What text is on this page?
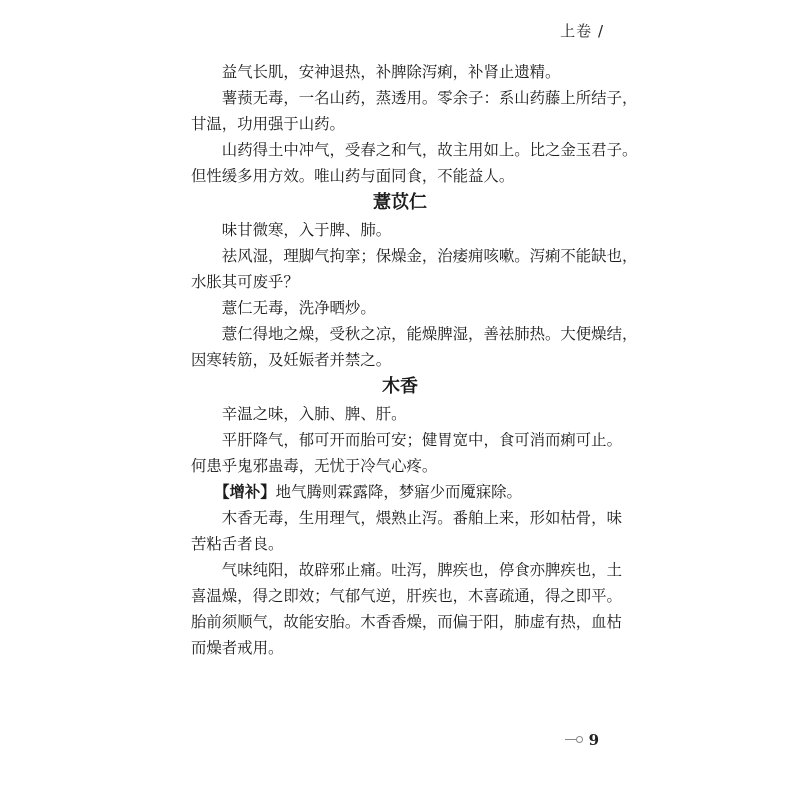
上卷 /

益气长肌，安神退热，补脾除泻痢，补肾止遗精。

薯蓣无毒，一名山药，蒸透用。零余子：系山药藤上所结子，
甘温，功用强于山药。

山药得土中冲气，受春之和气，故主用如上。比之金玉君子。
但性缓多用方效。唯山药与面同食，不能益人。

薏苡仁

味甘微寒，入于脾、肺。

祛风湿，理脚气拘挛；保燥金，治痿痈咳嗽。泻痢不能缺也，
水胀其可废乎？

薏仁无毒，洗净晒炒。

薏仁得地之燥，受秋之凉，能燥脾湿，善祛肺热。大便燥结，
因寒转筋，及妊娠者并禁之。

木香

辛温之味，入肺、脾、肝。

平肝降气，郁可开而胎可安；健胃宽中，食可消而痢可止。
何患乎鬼邪蛊毒，无忧于冷气心疼。

【增补】地气腾则霖露降，梦寤少而魇寐除。

木香无毒，生用理气，煨熟止泻。番舶上来，形如枯骨，味
苦粘舌者良。

气味纯阳，故辟邪止痛。吐泻，脾疾也，停食亦脾疾也，土
喜温燥，得之即效；气郁气逆，肝疾也，木喜疏通，得之即平。
胎前须顺气，故能安胎。木香香燥，而偏于阳，肺虚有热，血枯
而燥者戒用。

9
